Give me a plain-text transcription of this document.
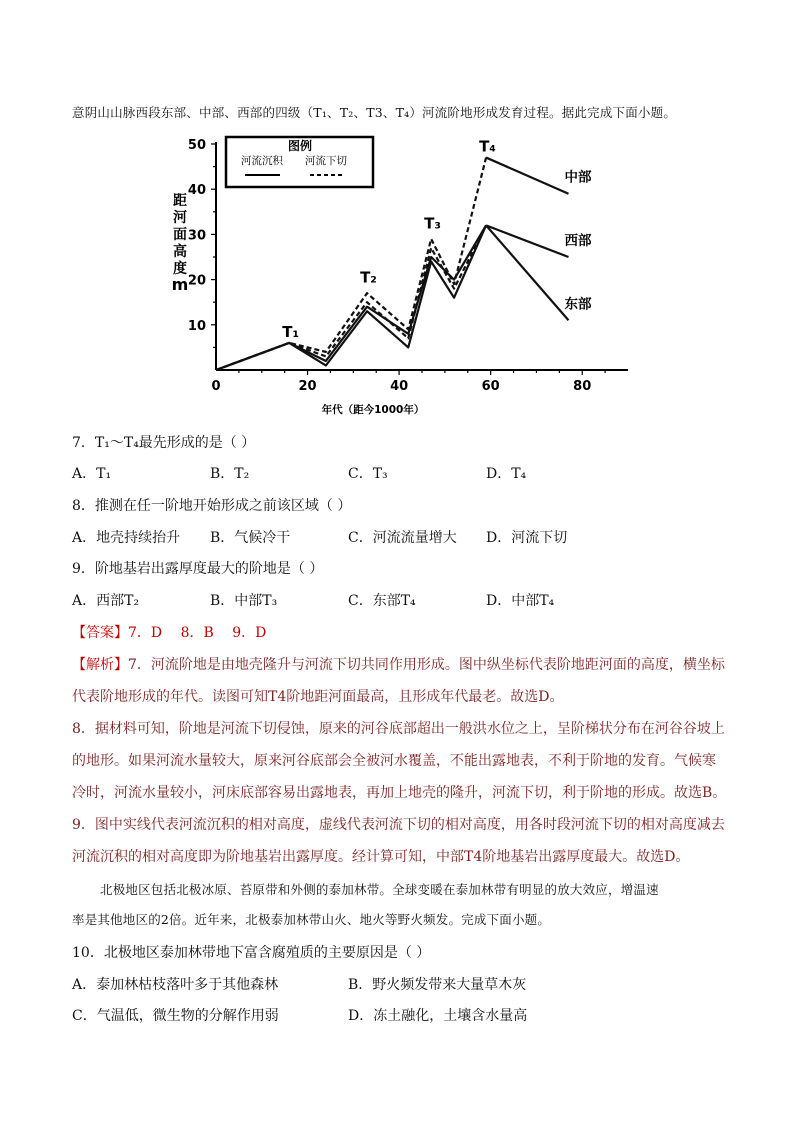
意阴山山脉西段东部、中部、西部的四级（T₁、T₂、T3、T₄）河流阶地形成发育过程。据此完成下面小题。
0	20	40	60	80
10
20
30
40
50
年代（距今1000年）
距河面高度 m
中部
西部
东部
T₁
T₂
T₃
T₄
图例
河流沉积 河流下切
7．T₁～T₄最先形成的是（ ）
A．T₁	B．T₂	C．T₃	D．T₄
8．推测在任一阶地开始形成之前该区域（ ）
A．地壳持续抬升 B．气候冷干	C．河流流量增大 D．河流下切
9．阶地基岩出露厚度最大的阶地是（ ）
A．西部T₂	B．中部T₃	C．东部T₄	D．中部T₄
【答案】7．D　 8．B　 9．D
【解析】7．河流阶地是由地壳隆升与河流下切共同作用形成。图中纵坐标代表阶地距河面的高度，横坐标
代表阶地形成的年代。读图可知T4阶地距河面最高，且形成年代最老。故选D。
8．据材料可知，阶地是河流下切侵蚀，原来的河谷底部超出一般洪水位之上，呈阶梯状分布在河谷谷坡上
的地形。如果河流水量较大，原来河谷底部会全被河水覆盖，不能出露地表，不利于阶地的发育。气候寒
冷时，河流水量较小，河床底部容易出露地表，再加上地壳的隆升，河流下切，利于阶地的形成。故选B。
9．图中实线代表河流沉积的相对高度，虚线代表河流下切的相对高度，用各时段河流下切的相对高度减去
河流沉积的相对高度即为阶地基岩出露厚度。经计算可知，中部T4阶地基岩出露厚度最大。故选D。
北极地区包括北极冰原、苔原带和外侧的泰加林带。全球变暖在泰加林带有明显的放大效应，增温速
率是其他地区的2倍。近年来，北极泰加林带山火、地火等野火频发。完成下面小题。
10．北极地区泰加林带地下富含腐殖质的主要原因是（ ）
A．泰加林枯枝落叶多于其他森林	B．野火频发带来大量草木灰
C．气温低，微生物的分解作用弱	D．冻土融化，土壤含水量高
